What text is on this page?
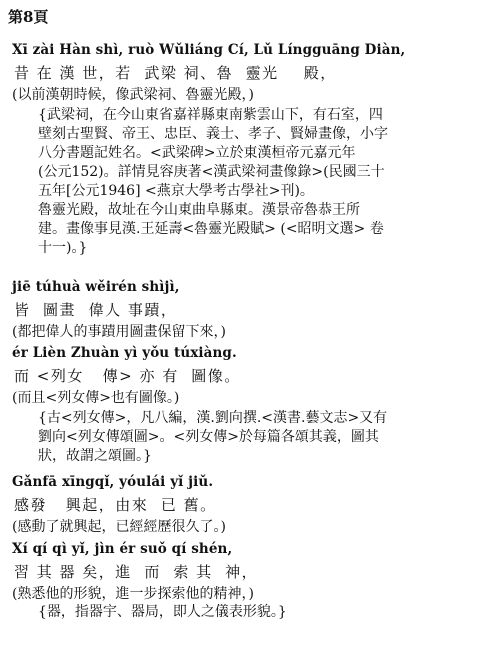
第8頁
Xī zài Hàn shì, ruò Wǔliáng Cí, Lǔ Língguāng Diàn,
昔 在 漢 世，若  武梁 祠、魯  靈光    殿，
(以前漢朝時候，像武梁祠、魯靈光殿，)
{武梁祠，在今山東省嘉祥縣東南紫雲山下，有石室，四
壁刻古聖賢、帝王、忠臣、義士、孝子、賢婦畫像，小字
八分書題記姓名。<武梁碑>立於東漢桓帝元嘉元年
(公元152)。詳情見容庚著<漢武梁祠畫像錄>(民國三十
五年[公元1946] <燕京大學考古學社>刊)。
魯靈光殿，故址在今山東曲阜縣東。漢景帝魯恭王所
建。畫像事見漢.王延壽<魯靈光殿賦> (<昭明文選> 卷
十一)。}
jiē túhuà wěirén shìjì,
皆  圖畫  偉人 事蹟，
(都把偉人的事蹟用圖畫保留下來，)
ér Lièn Zhuàn yì yǒu túxiàng.
而 <列女   傳> 亦 有  圖像。
(而且<列女傳>也有圖像。)
{古<列女傳>，凡八編，漢.劉向撰.<漢書.藝文志>又有
劉向<列女傳頌圖>。<列女傳>於每篇各頌其義，圖其
狀，故謂之頌圖。}
Gǎnfā xīngqǐ, yóulái yǐ jiǔ.
感發   興起，由來  已 舊。
(感動了就興起，已經經歷很久了。)
Xí qí qì yǐ, jìn ér suǒ qí shén,
習 其 器 矣，進  而  索 其  神，
(熟悉他的形貌，進一步探索他的精神，)
{器，指器宇、器局，即人之儀表形貌。}
